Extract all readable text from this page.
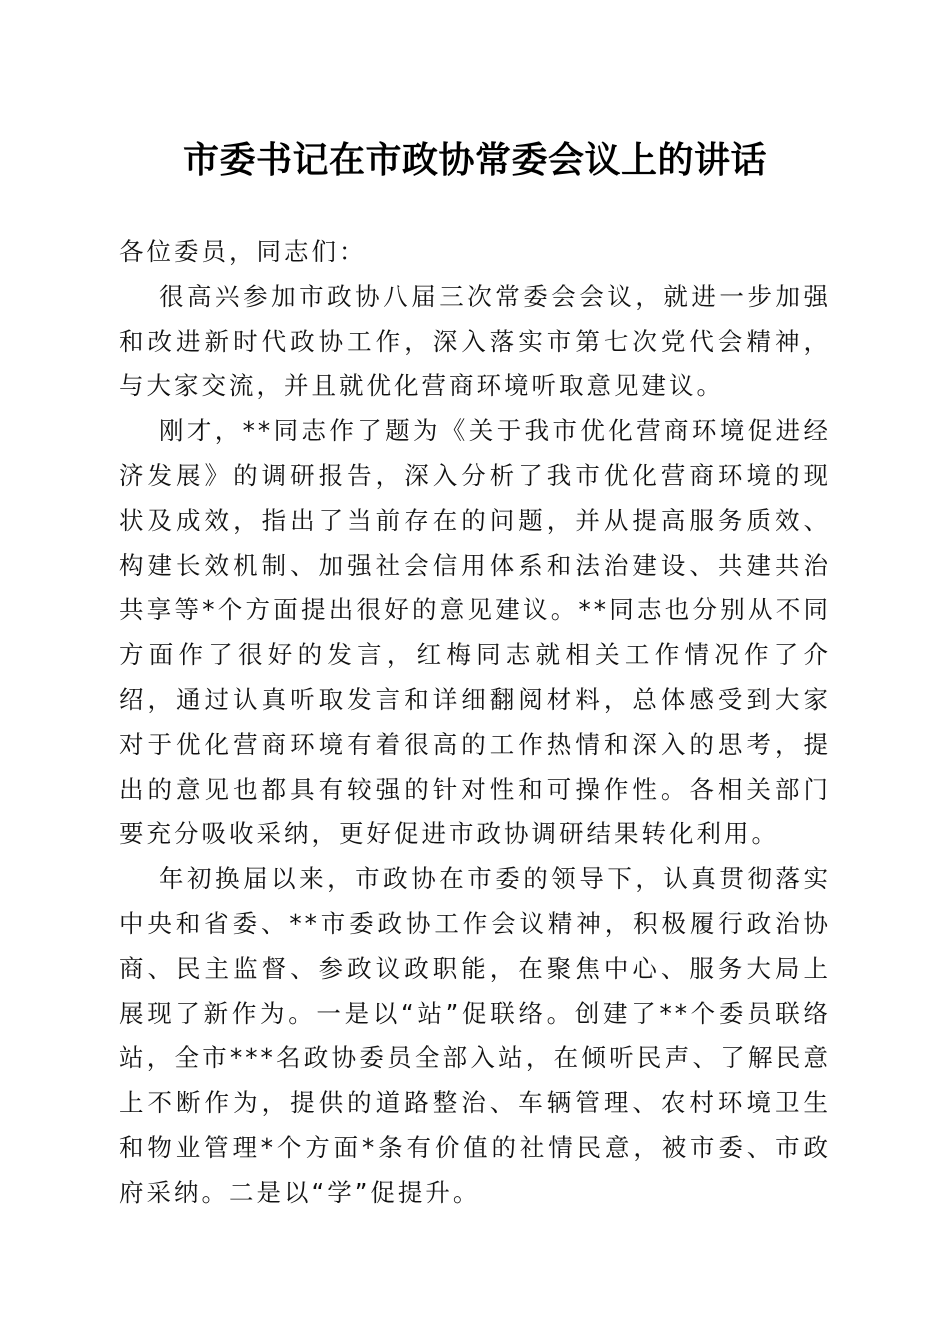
市委书记在市政协常委会议上的讲话

各位委员，同志们：

很高兴参加市政协八届三次常委会会议，就进一步加强和改进新时代政协工作，深入落实市第七次党代会精神，与大家交流，并且就优化营商环境听取意见建议。

刚才，**同志作了题为《关于我市优化营商环境促进经济发展》的调研报告，深入分析了我市优化营商环境的现状及成效，指出了当前存在的问题，并从提高服务质效、构建长效机制、加强社会信用体系和法治建设、共建共治共享等*个方面提出很好的意见建议。**同志也分别从不同方面作了很好的发言，红梅同志就相关工作情况作了介绍，通过认真听取发言和详细翻阅材料，总体感受到大家对于优化营商环境有着很高的工作热情和深入的思考，提出的意见也都具有较强的针对性和可操作性。各相关部门要充分吸收采纳，更好促进市政协调研结果转化利用。

年初换届以来，市政协在市委的领导下，认真贯彻落实中央和省委、**市委政协工作会议精神，积极履行政治协商、民主监督、参政议政职能，在聚焦中心、服务大局上展现了新作为。一是以“站”促联络。创建了**个委员联络站，全市***名政协委员全部入站，在倾听民声、了解民意上不断作为，提供的道路整治、车辆管理、农村环境卫生和物业管理*个方面*条有价值的社情民意，被市委、市政府采纳。二是以“学”促提升。
